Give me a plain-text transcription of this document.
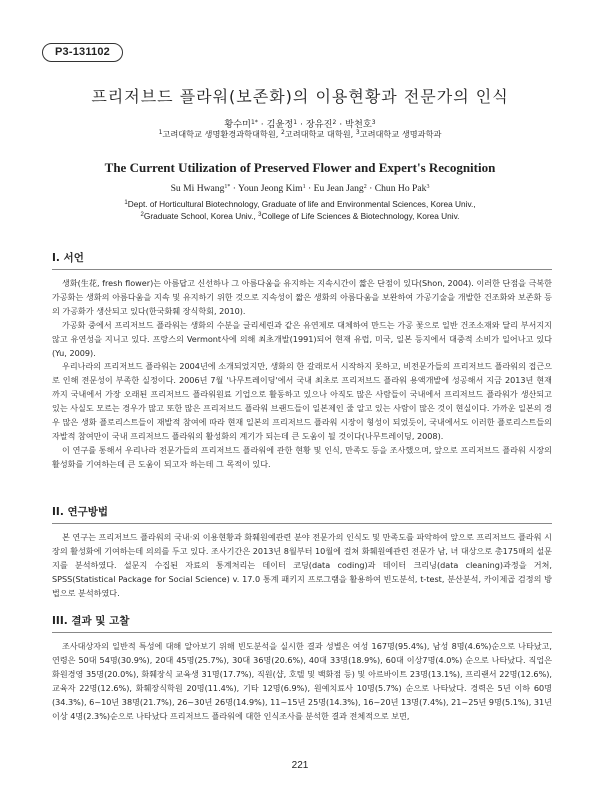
P3-131102
프리저브드 플라워(보존화)의 이용현황과 전문가의 인식
황수미$^{1*}$ · 김윤정$^1$ · 장유진$^2$ · 박천호$^3$
$^1$고려대학교 생명환경과학대학원, $^2$고려대학교 대학원, $^3$고려대학교 생명과학과
The Current Utilization of Preserved Flower and Expert's Recognition
Su Mi Hwang$^{1*}$ · Youn Jeong Kim$^1$ · Eu Jean Jang$^2$ · Chun Ho Pak$^3$
$^1$Dept. of Horticultural Biotechnology, Graduate of life and Environmental Sciences, Korea Univ.,
$^2$Graduate School, Korea Univ., $^3$College of Life Sciences & Biotechnology, Korea Univ.
I. 서언

생화(生花, fresh flower)는 아름답고 신선하나 그 아름다움을 유지하는 지속시간이 짧은 단점이 있다(Shon, 2004). 이러한 단점을 극복한 가공화는 생화의 아름다움을 지속 및 유지하기 위한 것으로 지속성이 짧은 생화의 아름다움을 보완하여 가공기술을 개발한 건조화와 보존화 등의 가공화가 생산되고 있다(한국화훼 장식학회, 2010).

가공화 중에서 프리저브드 플라워는 생화의 수분을 글리세린과 같은 유연제로 대체하여 만드는 가공 꽃으로 일반 건조소재와 달리 부서지지 않고 유연성을 지니고 있다. 프랑스의 Vermont사에 의해 최초개발(1991)되어 현재 유럽, 미국, 일본 등지에서 대중적 소비가 일어나고 있다(Yu, 2009).

우리나라의 프리저브드 플라워는 2004년에 소개되었지만, 생화의 한 갈래로서 시작하지 못하고, 비전문가들의 프리저브드 플라워의 접근으로 인해 전문성이 부족한 실정이다. 2006년 7월 '나무트레이딩'에서 국내 최초로 프리저브드 플라워 용액개발에 성공해서 지금 2013년 현재까지 국내에서 가장 오래된 프리저브드 플라워원료 기업으로 활동하고 있으나 아직도 많은 사람들이 국내에서 프리저브드 플라워가 생산되고 있는 사실도 모르는 경우가 많고 또한 많은 프리저브드 플라워 브랜드들이 일본제인 줄 알고 있는 사람이 많은 것이 현실이다. 가까운 일본의 경우 많은 생화 플로리스트들이 재발적 참여에 따라 현재 일본의 프리저브드 플라워 시장이 형성이 되었듯이, 국내에서도 이러한 플로리스트들의 자발적 참여만이 국내 프리저브드 플라워의 활성화의 계기가 되는데 큰 도움이 될 것이다(나무트레이딩, 2008).

이 연구를 통해서 우리나라 전문가들의 프리저브드 플라워에 관한 현황 및 인식, 만족도 등을 조사했으며, 앞으로 프리저브드 플라워 시장의 활성화를 기여하는데 큰 도움이 되고자 하는데 그 목적이 있다.

II. 연구방법

본 연구는 프리저브드 플라워의 국내·외 이용현황과 화훼원예관련 분야 전문가의 인식도 및 만족도를 파악하여 앞으로 프리저브드 플라워 시장의 활성화에 기여하는데 의의를 두고 있다. 조사기간은 2013년 8월부터 10월에 걸쳐 화훼원예관련 전문가 남, 녀 대상으로 총175매의 설문지를 분석하였다. 설문지 수집된 자료의 통계처리는 데이터 코딩(data coding)과 데이터 크리닝(data cleaning)과정을 거쳐, SPSS(Statistical Package for Social Science) v. 17.0 통계 패키지 프로그램을 활용하여 빈도분석, t-test, 분산분석, 카이제곱 검정의 방법으로 분석하였다.

III. 결과 및 고찰

조사대상자의 일반적 특성에 대해 알아보기 위해 빈도분석을 실시한 결과 성별은 여성 167명(95.4%), 남성 8명(4.6%)순으로 나타났고, 연령은 50대 54명(30.9%), 20대 45명(25.7%), 30대 36명(20.6%), 40대 33명(18.9%), 60대 이상7명(4.0%) 순으로 나타났다. 직업은 화원경영 35명(20.0%), 화훼장식 교육생 31명(17.7%), 직원(샵, 호텔 및 백화점 등) 및 아르바이트 23명(13.1%), 프리랜서 22명(12.6%), 교육자 22명(12.6%), 화훼장식학원 20명(11.4%), 기타 12명(6.9%), 원예치료사 10명(5.7%) 순으로 나타났다. 경력은 5년 이하 60명(34.3%), 6~10년 38명(21.7%), 26~30년 26명(14.9%), 11~15년 25명(14.3%), 16~20년 13명(7.4%), 21~25년 9명(5.1%), 31년 이상 4명(2.3%)순으로 나타났다 프리저브드 플라워에 대한 인식조사를 분석한 결과 전체적으로 보면,

221
